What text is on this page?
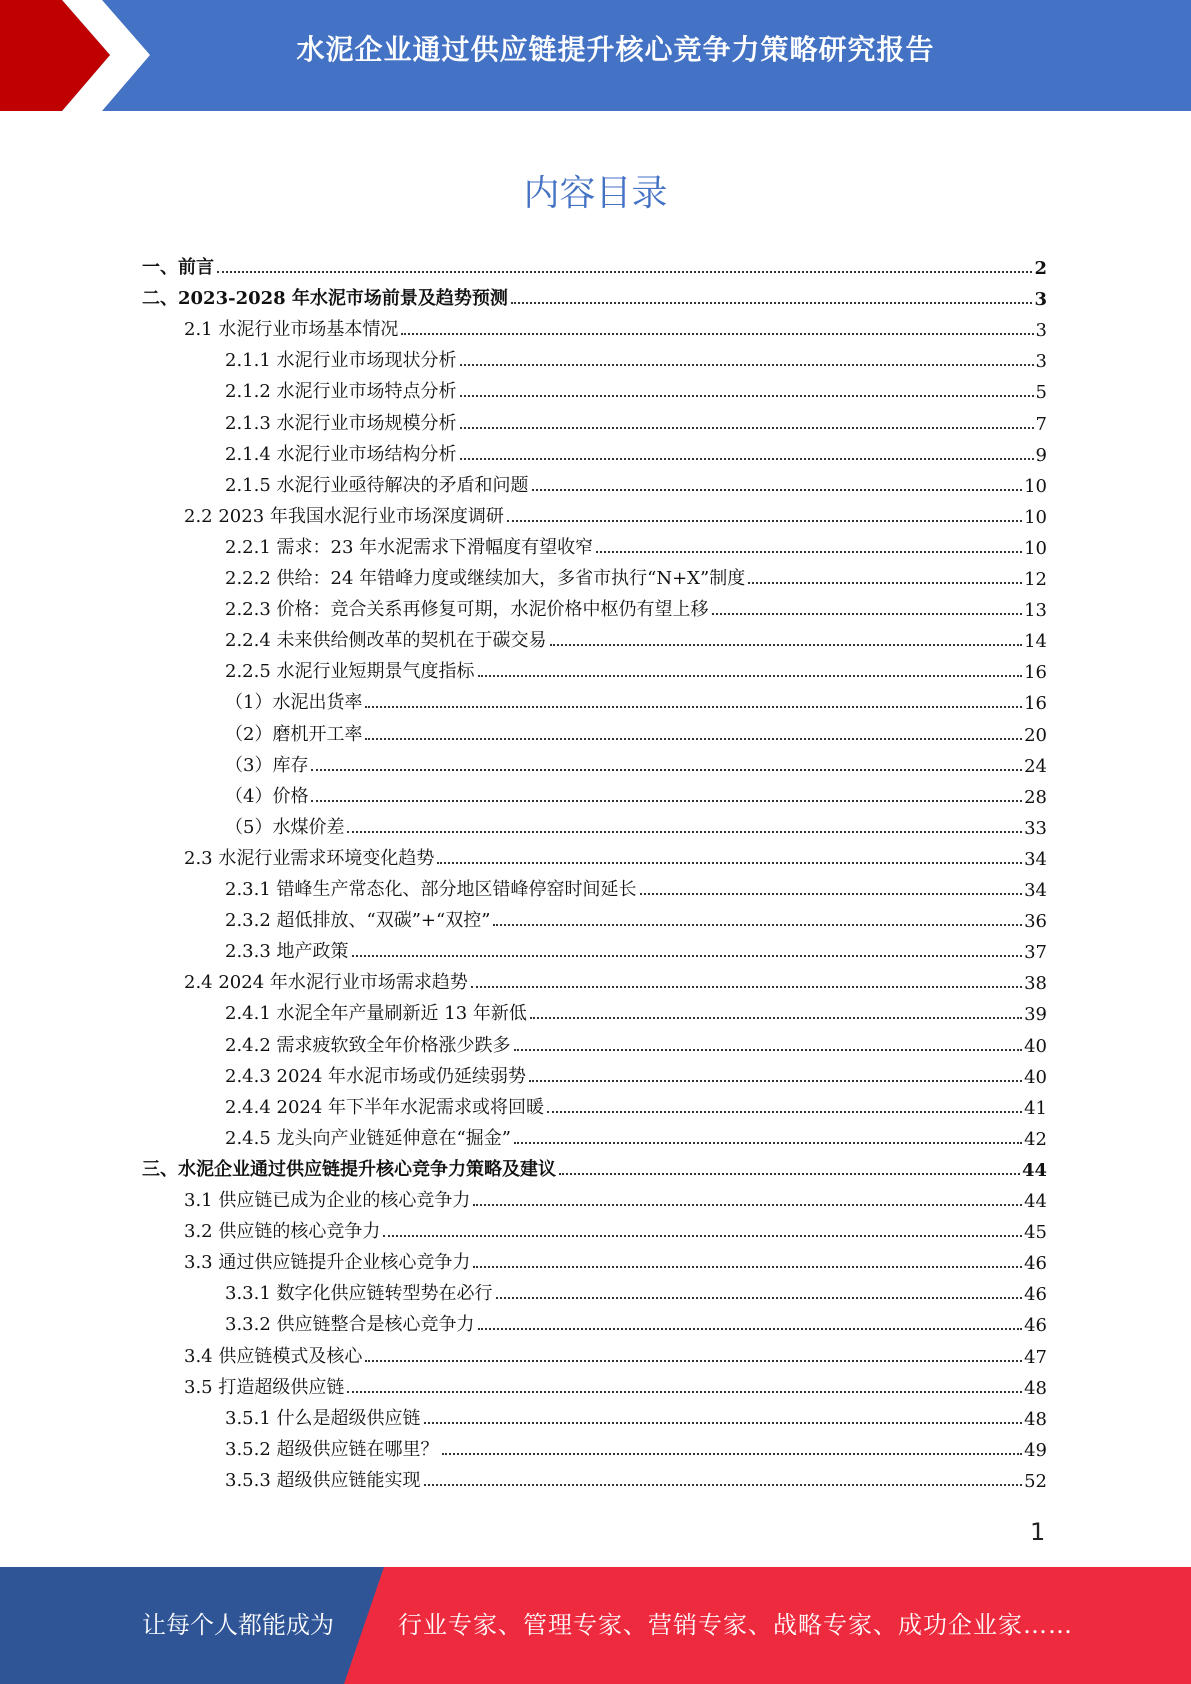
水泥企业通过供应链提升核心竞争力策略研究报告
内容目录
一、前言	2
二、2023-2028 年水泥市场前景及趋势预测	3
2.1 水泥行业市场基本情况	3
2.1.1 水泥行业市场现状分析	3
2.1.2 水泥行业市场特点分析	5
2.1.3 水泥行业市场规模分析	7
2.1.4 水泥行业市场结构分析	9
2.1.5 水泥行业亟待解决的矛盾和问题	10
2.2 2023 年我国水泥行业市场深度调研	10
2.2.1 需求：23 年水泥需求下滑幅度有望收窄	10
2.2.2 供给：24 年错峰力度或继续加大，多省市执行“N+X”制度	12
2.2.3 价格：竞合关系再修复可期，水泥价格中枢仍有望上移	13
2.2.4 未来供给侧改革的契机在于碳交易	14
2.2.5 水泥行业短期景气度指标	16
（1）水泥出货率	16
（2）磨机开工率	20
（3）库存	24
（4）价格	28
（5）水煤价差	33
2.3 水泥行业需求环境变化趋势	34
2.3.1 错峰生产常态化、部分地区错峰停窑时间延长	34
2.3.2 超低排放、“双碳”+“双控”	36
2.3.3 地产政策	37
2.4 2024 年水泥行业市场需求趋势	38
2.4.1 水泥全年产量刷新近 13 年新低	39
2.4.2 需求疲软致全年价格涨少跌多	40
2.4.3 2024 年水泥市场或仍延续弱势	40
2.4.4 2024 年下半年水泥需求或将回暖	41
2.4.5 龙头向产业链延伸意在“掘金”	42
三、水泥企业通过供应链提升核心竞争力策略及建议	44
3.1 供应链已成为企业的核心竞争力	44
3.2 供应链的核心竞争力	45
3.3 通过供应链提升企业核心竞争力	46
3.3.1 数字化供应链转型势在必行	46
3.3.2 供应链整合是核心竞争力	46
3.4 供应链模式及核心	47
3.5 打造超级供应链	48
3.5.1 什么是超级供应链	48
3.5.2 超级供应链在哪里？	49
3.5.3 超级供应链能实现	52
1
让每个人都能成为	行业专家、管理专家、营销专家、战略专家、成功企业家……
